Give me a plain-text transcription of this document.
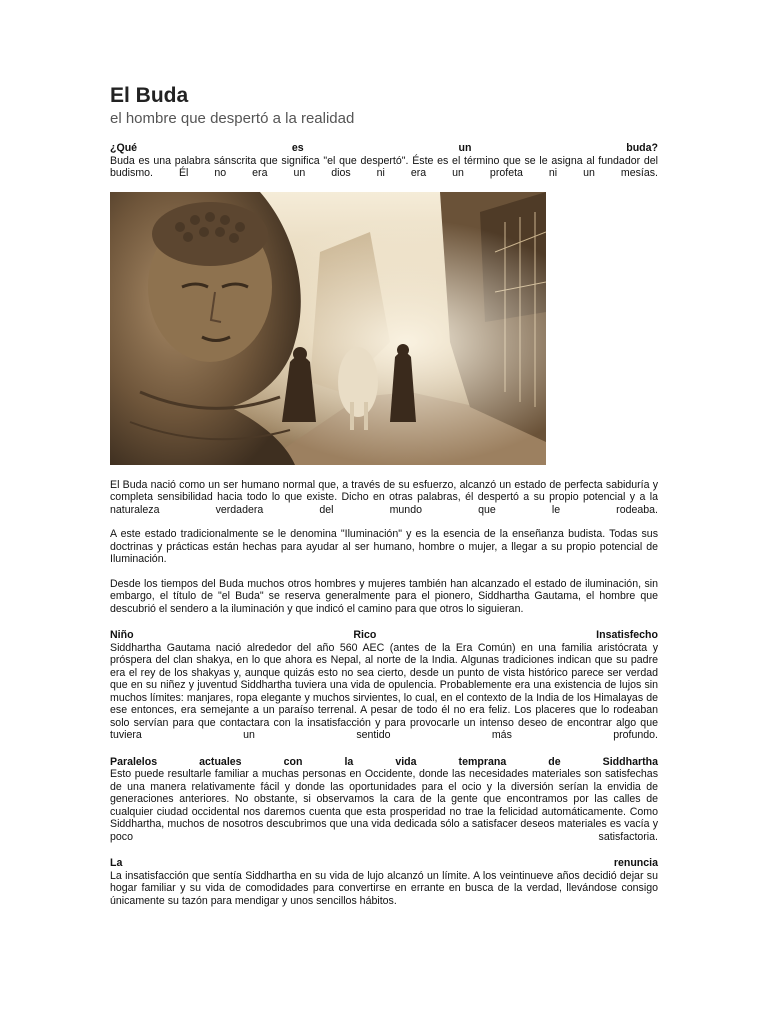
El Buda
el hombre que despertó a la realidad
¿Qué es un buda?

Buda es una palabra sánscrita que significa "el que despertó". Éste es el término que se le asigna al fundador del budismo. Él no era un dios ni era un profeta ni un mesías.

El Buda nació como un ser humano normal que, a través de su esfuerzo, alcanzó un estado de perfecta sabiduría y completa sensibilidad hacia todo lo que existe. Dicho en otras palabras, él despertó a su propio potencial y a la naturaleza verdadera del mundo que le rodeaba.

A este estado tradicionalmente se le denomina "Iluminación" y es la esencia de la enseñanza budista. Todas sus doctrinas y prácticas están hechas para ayudar al ser humano, hombre o mujer, a llegar a su propio potencial de Iluminación.

Desde los tiempos del Buda muchos otros hombres y mujeres también han alcanzado el estado de iluminación, sin embargo, el título de "el Buda" se reserva generalmente para el pionero, Siddhartha Gautama, el hombre que descubrió el sendero a la iluminación y que indicó el camino para que otros lo siguieran.

Niño Rico Insatisfecho

Siddhartha Gautama nació alrededor del año 560 AEC (antes de la Era Común) en una familia aristócrata y próspera del clan shakya, en lo que ahora es Nepal, al norte de la India. Algunas tradiciones indican que su padre era el rey de los shakyas y, aunque quizás esto no sea cierto, desde un punto de vista histórico parece ser verdad que en su niñez y juventud Siddhartha tuviera una vida de opulencia. Probablemente era una existencia de lujos sin muchos límites: manjares, ropa elegante y muchos sirvientes, lo cual, en el contexto de la India de los Himalayas de ese entonces, era semejante a un paraíso terrenal. A pesar de todo él no era feliz. Los placeres que lo rodeaban solo servían para que contactara con la insatisfacción y para provocarle un intenso deseo de encontrar algo que tuviera un sentido más profundo.

Paralelos actuales con la vida temprana de Siddhartha

Esto puede resultarle familiar a muchas personas en Occidente, donde las necesidades materiales son satisfechas de una manera relativamente fácil y donde las oportunidades para el ocio y la diversión serían la envidia de generaciones anteriores. No obstante, si observamos la cara de la gente que encontramos por las calles de cualquier ciudad occidental nos daremos cuenta que esta prosperidad no trae la felicidad automáticamente. Como Siddhartha, muchos de nosotros descubrimos que una vida dedicada sólo a satisfacer deseos materiales es vacía y poco satisfactoria.

La renuncia

La insatisfacción que sentía Siddhartha en su vida de lujo alcanzó un límite. A los veintinueve años decidió dejar su hogar familiar y su vida de comodidades para convertirse en errante en busca de la verdad, llevándose consigo únicamente su tazón para mendigar y unos sencillos hábitos.
